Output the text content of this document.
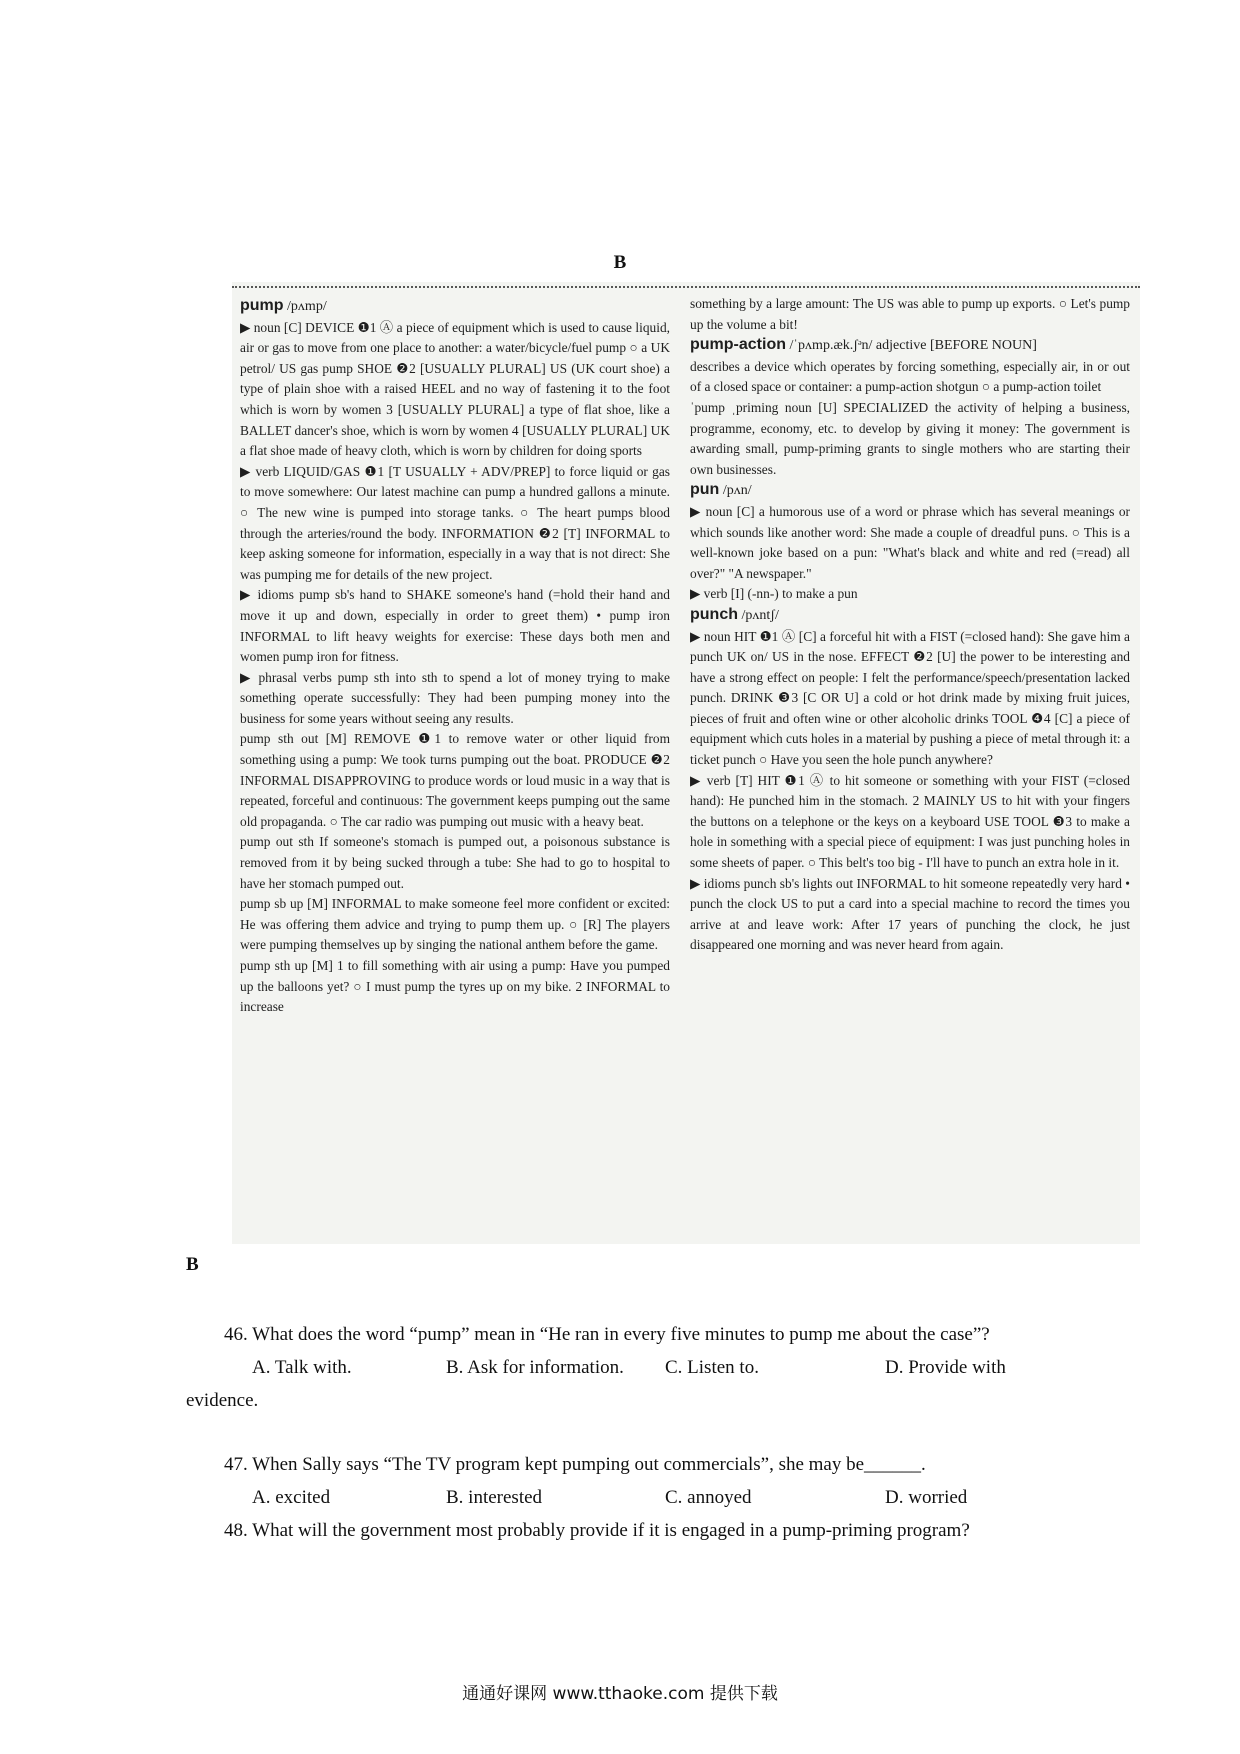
B

pump /pʌmp/

▶ noun [C] DEVICE ❶1 Ⓐ a piece of equipment which is used to cause liquid, air or gas to move from one place to another: a water/bicycle/fuel pump ○ a UK petrol/ US gas pump SHOE ❷2 [USUALLY PLURAL] US (UK court shoe) a type of plain shoe with a raised HEEL and no way of fastening it to the foot which is worn by women 3 [USUALLY PLURAL] a type of flat shoe, like a BALLET dancer's shoe, which is worn by women 4 [USUALLY PLURAL] UK a flat shoe made of heavy cloth, which is worn by children for doing sports

▶ verb LIQUID/GAS ❶1 [T USUALLY + ADV/PREP] to force liquid or gas to move somewhere: Our latest machine can pump a hundred gallons a minute. ○ The new wine is pumped into storage tanks. ○ The heart pumps blood through the arteries/round the body. INFORMATION ❷2 [T] INFORMAL to keep asking someone for information, especially in a way that is not direct: She was pumping me for details of the new project.

▶ idioms pump sb's hand to SHAKE someone's hand (=hold their hand and move it up and down, especially in order to greet them) • pump iron INFORMAL to lift heavy weights for exercise: These days both men and women pump iron for fitness.

▶ phrasal verbs pump sth into sth to spend a lot of money trying to make something operate successfully: They had been pumping money into the business for some years without seeing any results.

pump sth out [M] REMOVE ❶1 to remove water or other liquid from something using a pump: We took turns pumping out the boat. PRODUCE ❷2 INFORMAL DISAPPROVING to produce words or loud music in a way that is repeated, forceful and continuous: The government keeps pumping out the same old propaganda. ○ The car radio was pumping out music with a heavy beat.

pump out sth If someone's stomach is pumped out, a poisonous substance is removed from it by being sucked through a tube: She had to go to hospital to have her stomach pumped out.

pump sb up [M] INFORMAL to make someone feel more confident or excited: He was offering them advice and trying to pump them up. ○ [R] The players were pumping themselves up by singing the national anthem before the game.

pump sth up [M] 1 to fill something with air using a pump: Have you pumped up the balloons yet? ○ I must pump the tyres up on my bike. 2 INFORMAL to increase

something by a large amount: The US was able to pump up exports. ○ Let's pump up the volume a bit!

pump-action /ˈpʌmp.æk.ʃᵊn/ adjective [BEFORE NOUN]

describes a device which operates by forcing something, especially air, in or out of a closed space or container: a pump-action shotgun ○ a pump-action toilet

ˈpump ˌpriming noun [U] SPECIALIZED the activity of helping a business, programme, economy, etc. to develop by giving it money: The government is awarding small, pump-priming grants to single mothers who are starting their own businesses.

pun /pʌn/

▶ noun [C] a humorous use of a word or phrase which has several meanings or which sounds like another word: She made a couple of dreadful puns. ○ This is a well-known joke based on a pun: "What's black and white and red (=read) all over?" "A newspaper."

▶ verb [I] (-nn-) to make a pun

punch /pʌntʃ/

▶ noun HIT ❶1 Ⓐ [C] a forceful hit with a FIST (=closed hand): She gave him a punch UK on/ US in the nose. EFFECT ❷2 [U] the power to be interesting and have a strong effect on people: I felt the performance/speech/presentation lacked punch. DRINK ❸3 [C OR U] a cold or hot drink made by mixing fruit juices, pieces of fruit and often wine or other alcoholic drinks TOOL ❹4 [C] a piece of equipment which cuts holes in a material by pushing a piece of metal through it: a ticket punch ○ Have you seen the hole punch anywhere?

▶ verb [T] HIT ❶1 Ⓐ to hit someone or something with your FIST (=closed hand): He punched him in the stomach. 2 MAINLY US to hit with your fingers the buttons on a telephone or the keys on a keyboard USE TOOL ❸3 to make a hole in something with a special piece of equipment: I was just punching holes in some sheets of paper. ○ This belt's too big - I'll have to punch an extra hole in it.

▶ idioms punch sb's lights out INFORMAL to hit someone repeatedly very hard • punch the clock US to put a card into a special machine to record the times you arrive at and leave work: After 17 years of punching the clock, he just disappeared one morning and was never heard from again.

B
46. What does the word “pump” mean in “He ran in every five minutes to pump me about the case”?
A. Talk with.	B. Ask for information. C. Listen to.	D. Provide with
evidence.
47. When Sally says “The TV program kept pumping out commercials”, she may be______.
A. excited	B. interested	C. annoyed	D. worried
48. What will the government most probably provide if it is engaged in a pump-priming program?
通通好课网 www.tthaoke.com 提供下载
